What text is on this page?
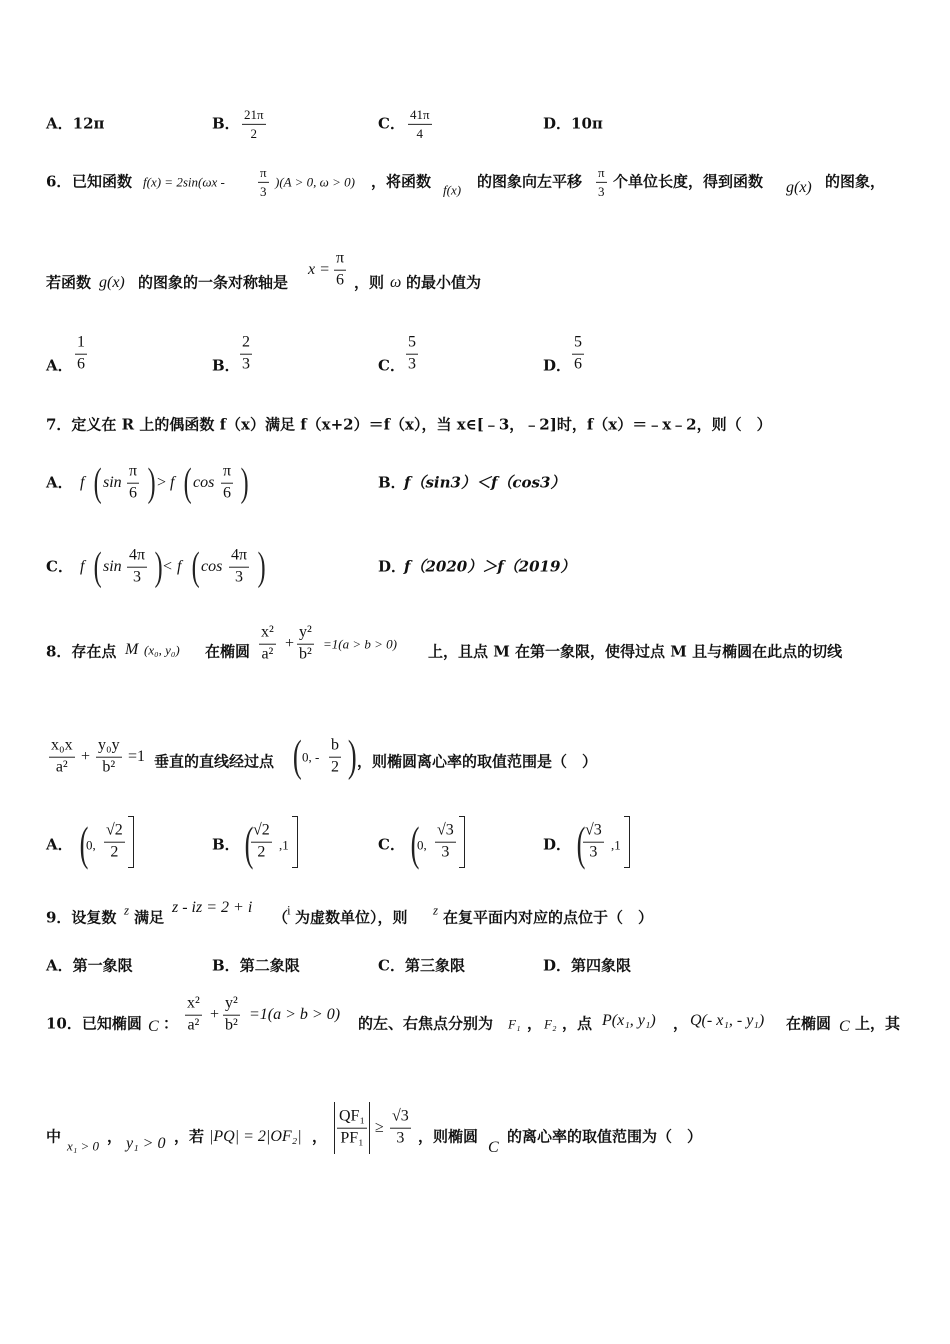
A．12π	B． $\frac{21\pi}{2}$	C． $\frac{41\pi}{4}$	D．10π
6． 已知函数 f(x) = 2sin(ωx -	$\frac{\pi}{3} )(A > 0$, ω > 0) ，将函数 f(x) 的图象向左平移 $\frac{\pi}{3}$ 个单位长度，得到函数 g(x) 的图象，
若函数 g(x) 的图象的一条对称轴是
$x = \frac{\pi}{6}$ ，则 ω 的最小值为
A． $\frac{1}{6}$	B． $\frac{2}{3}$	C． $\frac{5}{3}$	D． $\frac{5}{6}$
7．定义在 R 上的偶函数 f（x）满足 f（x+2）＝f（x），当 x∈[﹣3，﹣2]时，f（x）＝﹣x﹣2，则（　）
A． f ( $\sin \frac{\pi}{6}$ ) > f ( $\cos \frac{\pi}{6}$ )	B．
f（sin3）＜f（cos3）
C． f ( $\sin \frac{4\pi}{3}$ ) < f ( $\cos \frac{4\pi}{3}$ )	D．
f（2020）＞f（2019）
8．存在点 M (x₀, y₀) 在椭圆 $\frac{\text{x²}}{\text{a²}} + \frac{\text{y²}}{\text{b²}} =1(a > b > 0)$ 上，且点 M 在第一象限，使得过点 M 且与椭圆在此点的切线
$\frac{\text{x₀x}}{\text{a²}} + \frac{\text{y₀y}}{\text{b²}} =1$ 垂直的直线经过点 ( 0, - $\frac{b}{2}$ ) ，则椭圆离心率的取值范围是（　）
A． (
0, $\frac{√2}{2}$	B． (
$\frac{√2}{2} ,1$	C． (
0, $\frac{√3}{3}$	D． (
$\frac{√3}{3} ,1$
9．设复数 z 满足
z - iz = 2 + i
（
i 为虚数单位），则 z 在复平面内对应的点位于（　）
A．第一象限	B．第二象限	C．第三象限	D．第四象限
10．已知椭圆 C ： $\frac{\text{x²}}{\text{a²}} + \frac{\text{y²}}{\text{b²}} =1(a > b > 0)$ 的左、右焦点分别为 F₁ ， F₂ ，点 P(x₁, y₁) ， Q(- x₁, - y₁) 在椭圆 C 上，其
中
x₁ > 0
， y₁ > 0 ，若 |PQ| = 2|OF₂| ， $\frac{\text{QF₁}}{\text{PF₁}} \ge \frac{√3}{3}$ ，则椭圆
C
的离心率的取值范围为（　）
